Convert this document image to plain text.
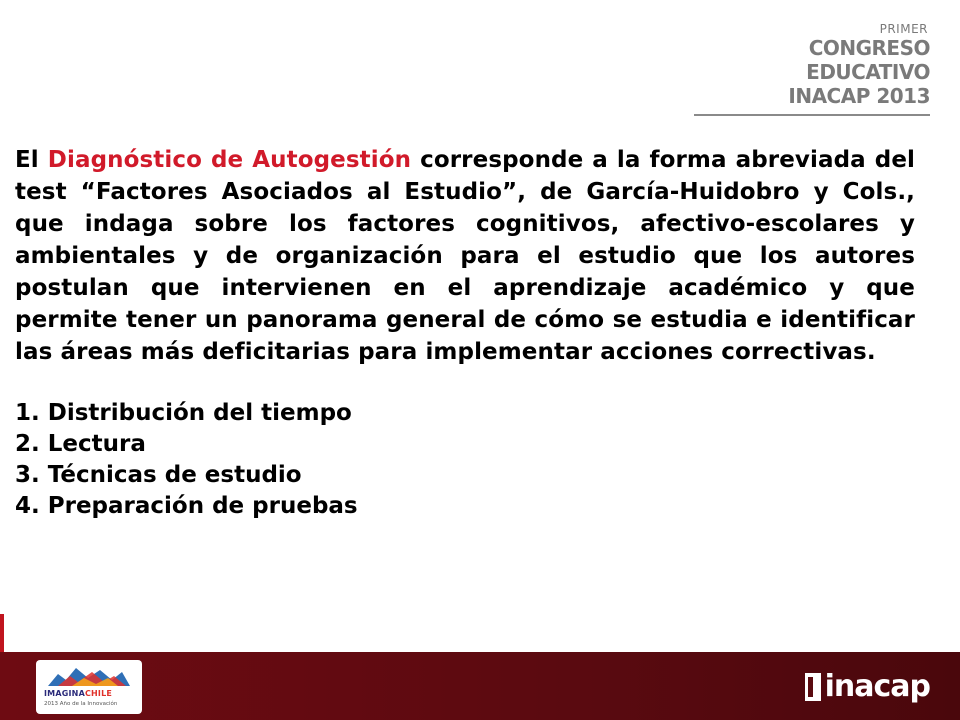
PRIMER
CONGRESO EDUCATIVO
INACAP 2013

El Diagnóstico de Autogestión corresponde a la forma abreviada del test “Factores Asociados al Estudio”, de García-Huidobro y Cols., que indaga sobre los factores cognitivos, afectivo-escolares y ambientales y de organización para el estudio que los autores postulan que intervienen en el aprendizaje académico y que permite tener un panorama general de cómo se estudia e identificar las áreas más deficitarias para implementar acciones correctivas.

1. Distribución del tiempo
2. Lectura
3. Técnicas de estudio
4. Preparación de pruebas
IMAGINACHILE
2013 Año de la Innovación	inacap
